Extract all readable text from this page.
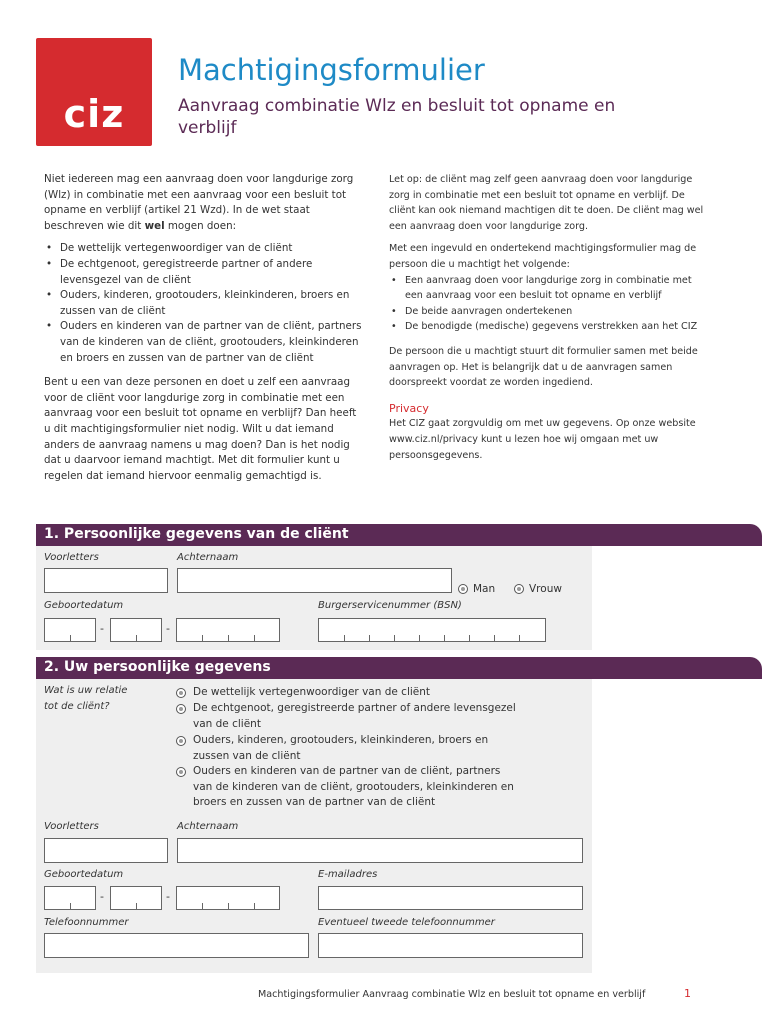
ciz
Machtigingsformulier
Aanvraag combinatie Wlz en besluit tot opname en verblijf

Niet iedereen mag een aanvraag doen voor langdurige zorg (Wlz) in combinatie met een aanvraag voor een besluit tot opname en verblijf (artikel 21 Wzd). In de wet staat beschreven wie dit wel mogen doen:

• De wettelijk vertegenwoordiger van de cliënt
• De echtgenoot, geregistreerde partner of andere levensgezel van de cliënt
• Ouders, kinderen, grootouders, kleinkinderen, broers en zussen van de cliënt
• Ouders en kinderen van de partner van de cliënt, partners van de kinderen van de cliënt, grootouders, kleinkinderen en broers en zussen van de partner van de cliënt

Bent u een van deze personen en doet u zelf een aanvraag voor de cliënt voor langdurige zorg in combinatie met een aanvraag voor een besluit tot opname en verblijf? Dan heeft u dit machtigingsformulier niet nodig. Wilt u dat iemand anders de aanvraag namens u mag doen? Dan is het nodig dat u daarvoor iemand machtigt. Met dit formulier kunt u regelen dat iemand hiervoor eenmalig gemachtigd is.

Let op: de cliënt mag zelf geen aanvraag doen voor langdurige zorg in combinatie met een besluit tot opname en verblijf. De cliënt kan ook niemand machtigen dit te doen. De cliënt mag wel een aanvraag doen voor langdurige zorg.

Met een ingevuld en ondertekend machtigingsformulier mag de persoon die u machtigt het volgende:

• Een aanvraag doen voor langdurige zorg in combinatie met een aanvraag voor een besluit tot opname en verblijf
• De beide aanvragen ondertekenen
• De benodigde (medische) gegevens verstrekken aan het CIZ

De persoon die u machtigt stuurt dit formulier samen met beide aanvragen op. Het is belangrijk dat u de aanvragen samen doorspreekt voordat ze worden ingediend.

Privacy

Het CIZ gaat zorgvuldig om met uw gegevens. Op onze website www.ciz.nl/privacy kunt u lezen hoe wij omgaan met uw persoonsgegevens.

1. Persoonlijke gegevens van de cliënt
Voorletters	Achternaam
Man	Vrouw
Geboortedatum	Burgerservicenummer (BSN)
-	-
2. Uw persoonlijke gegevens
Wat is uw relatie
tot de cliënt?
De wettelijk vertegenwoordiger van de cliënt
De echtgenoot, geregistreerde partner of andere levensgezel van de cliënt
Ouders, kinderen, grootouders, kleinkinderen, broers en zussen van de cliënt
Ouders en kinderen van de partner van de cliënt, partners van de kinderen van de cliënt, grootouders, kleinkinderen en broers en zussen van de partner van de cliënt
Voorletters	Achternaam
Geboortedatum	E-mailadres
-	-
Telefoonnummer	Eventueel tweede telefoonnummer
Machtigingsformulier Aanvraag combinatie Wlz en besluit tot opname en verblijf	1
